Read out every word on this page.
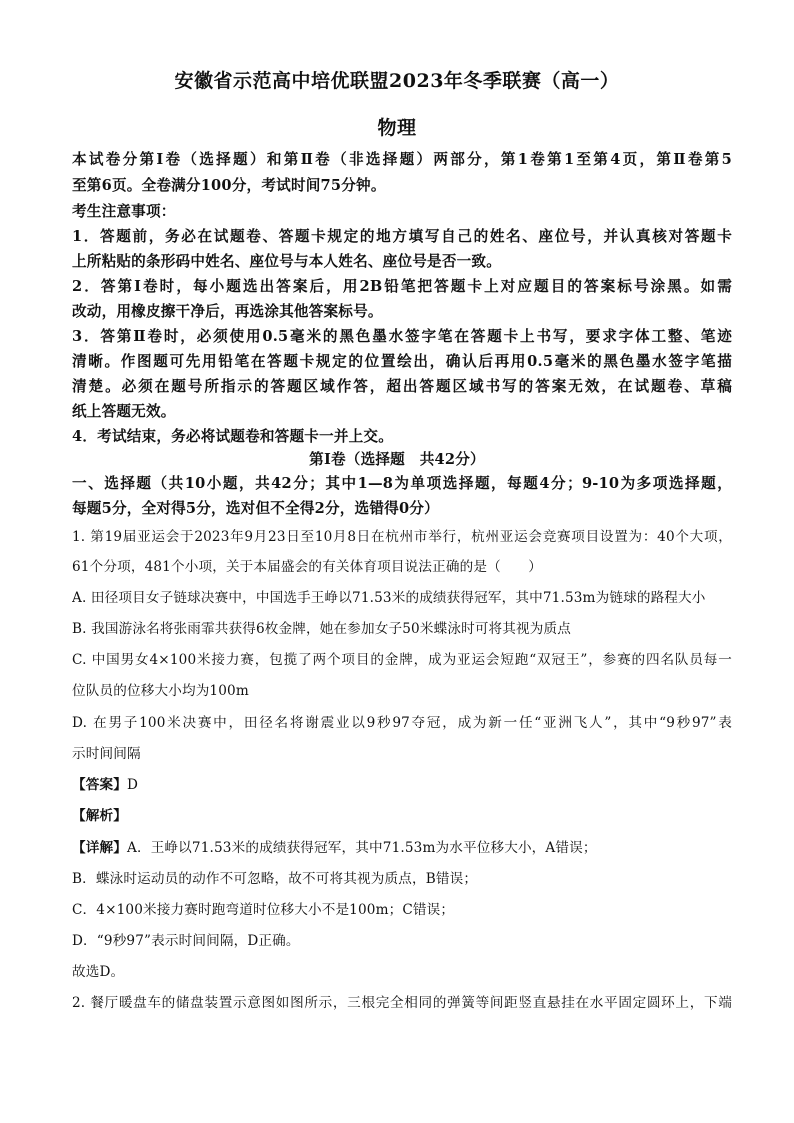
安徽省示范高中培优联盟2023年冬季联赛（高一）
物理
本试卷分第Ⅰ卷（选择题）和第Ⅱ卷（非选择题）两部分，第1卷第1至第4页，第Ⅱ卷第5
至第6页。全卷满分100分，考试时间75分钟。
考生注意事项：
1．答题前，务必在试题卷、答题卡规定的地方填写自己的姓名、座位号，并认真核对答题卡
上所粘贴的条形码中姓名、座位号与本人姓名、座位号是否一致。
2．答第Ⅰ卷时，每小题选出答案后，用2B铅笔把答题卡上对应题目的答案标号涂黑。如需
改动，用橡皮擦干净后，再选涂其他答案标号。
3．答第Ⅱ卷时，必须使用0.5毫米的黑色墨水签字笔在答题卡上书写，要求字体工整、笔迹
清晰。作图题可先用铅笔在答题卡规定的位置绘出，确认后再用0.5毫米的黑色墨水签字笔描
清楚。必须在题号所指示的答题区域作答，超出答题区域书写的答案无效，在试题卷、草稿
纸上答题无效。
4．考试结束，务必将试题卷和答题卡一并上交。
第Ⅰ卷（选择题　共42分）
一、选择题（共10小题，共42分；其中1—8为单项选择题，每题4分；9-10为多项选择题，
每题5分，全对得5分，选对但不全得2分，选错得0分）
1. 第19届亚运会于2023年9月23日至10月8日在杭州市举行，杭州亚运会竞赛项目设置为：40个大项，
61个分项，481个小项，关于本届盛会的有关体育项目说法正确的是（　　）
A. 田径项目女子链球决赛中，中国选手王峥以71.53米的成绩获得冠军，其中71.53m为链球的路程大小
B. 我国游泳名将张雨霏共获得6枚金牌，她在参加女子50米蝶泳时可将其视为质点
C. 中国男女4×100米接力赛，包揽了两个项目的金牌，成为亚运会短跑“双冠王”，参赛的四名队员每一
位队员的位移大小均为100m
D. 在男子100米决赛中，田径名将谢震业以9秒97夺冠，成为新一任“亚洲飞人”，其中“9秒97”表
示时间间隔
【答案】D
【解析】
【详解】A．王峥以71.53米的成绩获得冠军，其中71.53m为水平位移大小，A错误；
B．蝶泳时运动员的动作不可忽略，故不可将其视为质点，B错误；
C．4×100米接力赛时跑弯道时位移大小不是100m；C错误；
D．“9秒97”表示时间间隔，D正确。
故选D。
2. 餐厅暖盘车的储盘装置示意图如图所示，三根完全相同的弹簧等间距竖直悬挂在水平固定圆环上，下端
